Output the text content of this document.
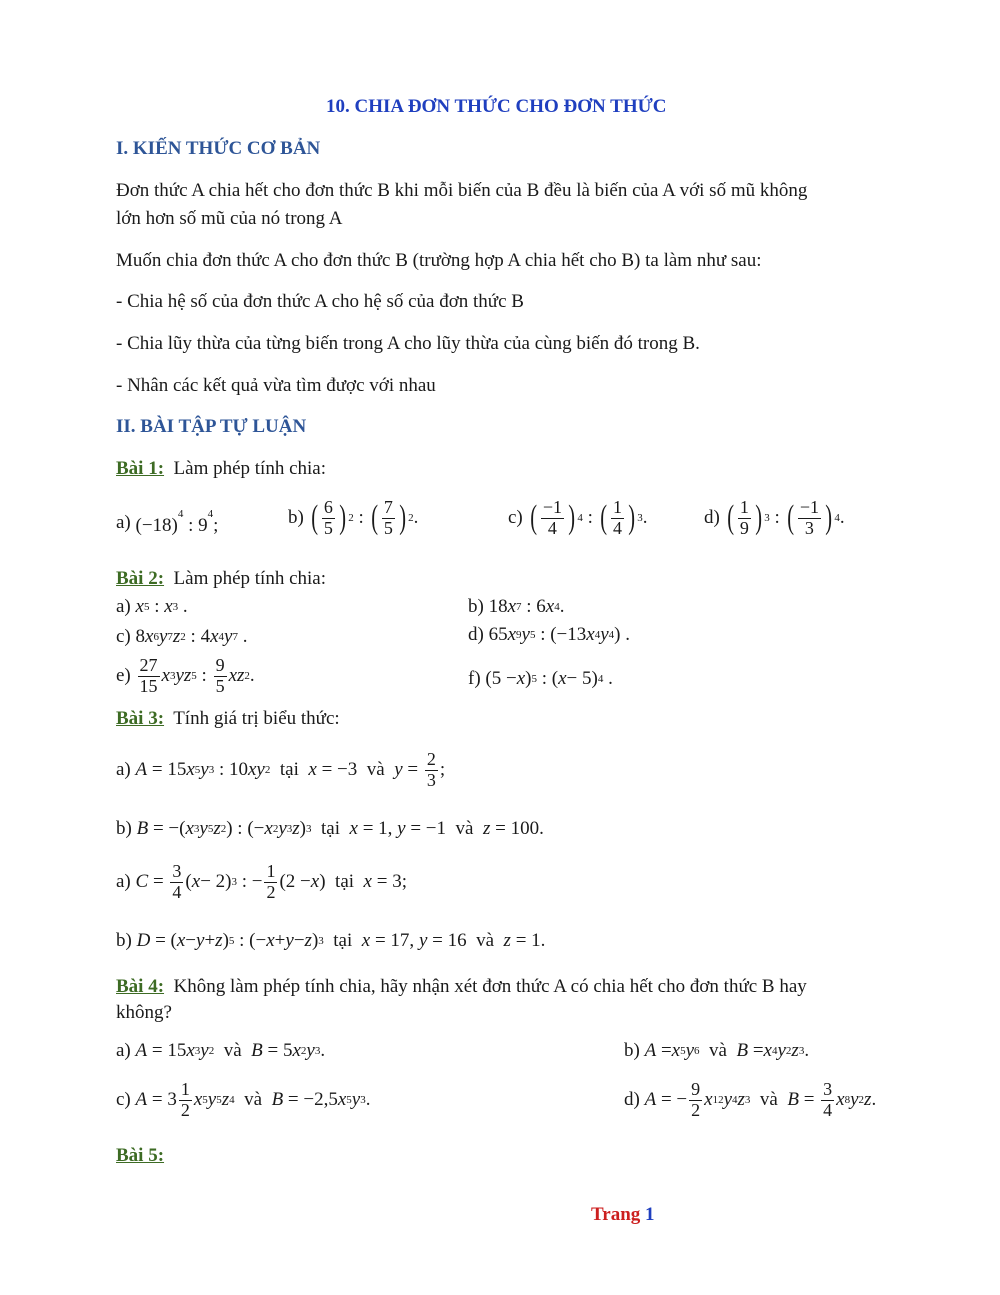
10. CHIA ĐƠN THỨC CHO ĐƠN THỨC
I. KIẾN THỨC CƠ BẢN
Đơn thức A chia hết cho đơn thức B khi mỗi biến của B đều là biến của A với số mũ không
lớn hơn số mũ của nó trong A
Muốn chia đơn thức A cho đơn thức B (trường hợp A chia hết cho B) ta làm như sau:
- Chia hệ số của đơn thức A cho hệ số của đơn thức B
- Chia lũy thừa của từng biến trong A cho lũy thừa của cùng biến đó trong B.
- Nhân các kết quả vừa tìm được với nhau
II. BÀI TẬP TỰ LUẬN
Bài 1: Làm phép tính chia:
a) $(-18)^4$ : $9^4$;	b) ( $\frac{6}{5}$ ) 2 : ( $\frac{7}{5}$ ) 2 .	c) ( $\frac{-1}{4}$ ) 4 : ( $\frac{1}{4}$ ) 3 .	d) ( $\frac{1}{9}$ ) 3 : ( $\frac{-1}{3}$ ) 4 .
Bài 2: Làm phép tính chia:
a) x 5 : x 3 .	b) 18 x 7 : 6 x 4 .
c) 8 x 6 y 7 z 2 : 4 x 4 y 7 .	d) 65 x 9 y 5 : (−13 x 4 y 4 ) .
$e) \frac{27}{15}$ x 3 yz 5 : $\frac{9}{5}$ xz 2 .	f) (5 − x ) 5 : ( x − 5) 4 .
Bài 3: Tính giá trị biểu thức:
a) A = 15 x 5 y 3 : 10 xy 2 tại x = −3  và $y = \frac{2}{3}$ ;
b) B = −( x 3 y 5 z 2 ) : (− x 2 y 3 z ) 3 tại x = 1, y = −1  và z = 100.
a) $C = \frac{3}{4}$ ( x − 2) 3 : − $\frac{1}{2} (2 - x$ )  tại x = 3;
b) D = ( x − y + z ) 5 : (− x + y − z ) 3 tại x = 17, y = 16  và z = 1.
Bài 4: Không làm phép tính chia, hãy nhận xét đơn thức A có chia hết cho đơn thức B hay
không?
a) A = 15 x 3 y 2 và B = 5 x 2 y 3 .	b) A = x 5 y 6 và B = x 4 y 2 z 3 .
c) $A = 3 \frac{1}{2}$ x 5 y 5 z 4 và B = −2,5 x 5 y 3 .	d) A = − $\frac{9}{2}$ x 12 y 4 z 3 và $B = \frac{3}{4}$ x 8 y 2 z .
Bài 5:
Trang 1
